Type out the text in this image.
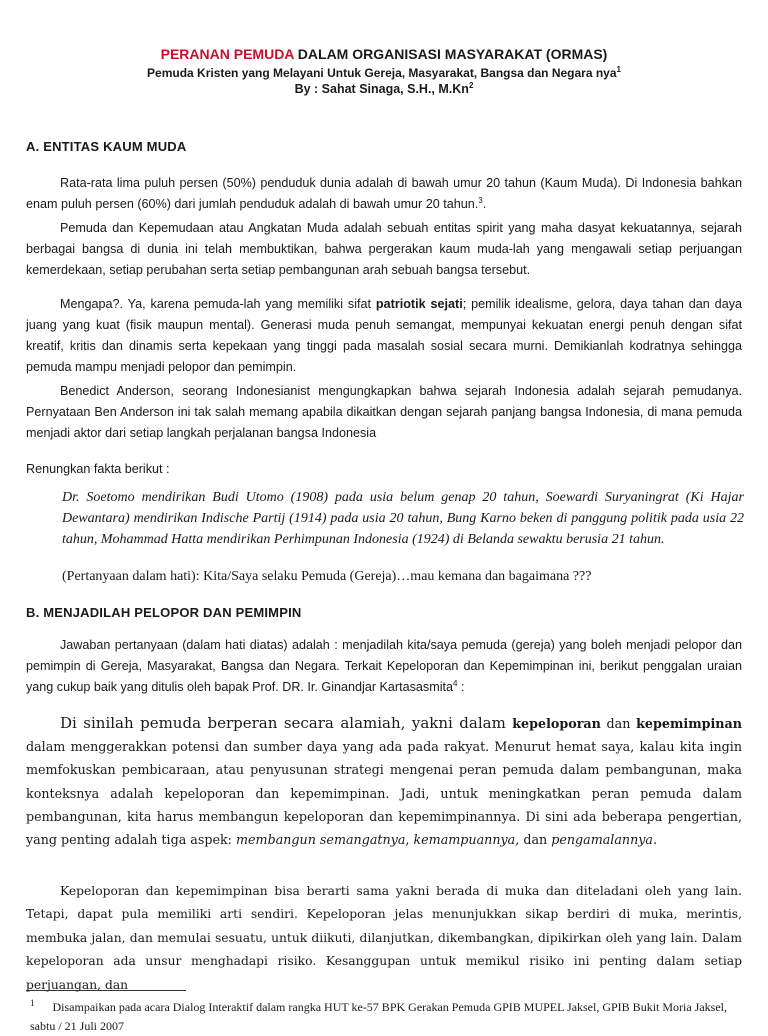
PERANAN PEMUDA DALAM ORGANISASI MASYARAKAT (ORMAS)
Pemuda Kristen yang Melayani Untuk Gereja, Masyarakat, Bangsa dan Negara nya$^1$
By : Sahat Sinaga, S.H., M.Kn$^2$
A. ENTITAS KAUM MUDA

Rata-rata lima puluh persen (50%) penduduk dunia adalah di bawah umur 20 tahun (Kaum Muda). Di Indonesia bahkan enam puluh persen (60%) dari jumlah penduduk adalah di bawah umur 20 tahun.$^3$.

Pemuda dan Kepemudaan atau Angkatan Muda adalah sebuah entitas spirit yang maha dasyat kekuatannya, sejarah berbagai bangsa di dunia ini telah membuktikan, bahwa pergerakan kaum muda-lah yang mengawali setiap perjuangan kemerdekaan, setiap perubahan serta setiap pembangunan arah sebuah bangsa tersebut.

Mengapa?. Ya, karena pemuda-lah yang memiliki sifat patriotik sejati; pemilik idealisme, gelora, daya tahan dan daya juang yang kuat (fisik maupun mental). Generasi muda penuh semangat, mempunyai kekuatan energi penuh dengan sifat kreatif, kritis dan dinamis serta kepekaan yang tinggi pada masalah sosial secara murni. Demikianlah kodratnya sehingga pemuda mampu menjadi pelopor dan pemimpin.

Benedict Anderson, seorang Indonesianist mengungkapkan bahwa sejarah Indonesia adalah sejarah pemudanya. Pernyataan Ben Anderson ini tak salah memang apabila dikaitkan dengan sejarah panjang bangsa Indonesia, di mana pemuda menjadi aktor dari setiap langkah perjalanan bangsa Indonesia

Renungkan fakta berikut :

Dr. Soetomo mendirikan Budi Utomo (1908) pada usia belum genap 20 tahun, Soewardi Suryaningrat (Ki Hajar Dewantara) mendirikan Indische Partij (1914) pada usia 20 tahun, Bung Karno beken di panggung politik pada usia 22 tahun, Mohammad Hatta mendirikan Perhimpunan Indonesia (1924) di Belanda sewaktu berusia 21 tahun.

(Pertanyaan dalam hati): Kita/Saya selaku Pemuda (Gereja)…mau kemana dan bagaimana ???

B. MENJADILAH PELOPOR DAN PEMIMPIN

Jawaban pertanyaan (dalam hati diatas) adalah : menjadilah kita/saya pemuda (gereja) yang boleh menjadi pelopor dan pemimpin di Gereja, Masyarakat, Bangsa dan Negara. Terkait Kepeloporan dan Kepemimpinan ini, berikut penggalan uraian yang cukup baik yang ditulis oleh bapak Prof. DR. Ir. Ginandjar Kartasasmita$^4$ :

Di sinilah pemuda berperan secara alamiah, yakni dalam kepeloporan dan kepemimpinan dalam menggerakkan potensi dan sumber daya yang ada pada rakyat. Menurut hemat saya, kalau kita ingin memfokuskan pembicaraan, atau penyusunan strategi mengenai peran pemuda dalam pembangunan, maka konteksnya adalah kepeloporan dan kepemimpinan. Jadi, untuk meningkatkan peran pemuda dalam pembangunan, kita harus membangun kepeloporan dan kepemimpinannya. Di sini ada beberapa pengertian, yang penting adalah tiga aspek: membangun semangatnya, kemampuannya, dan pengamalannya.

Kepeloporan dan kepemimpinan bisa berarti sama yakni berada di muka dan diteladani oleh yang lain. Tetapi, dapat pula memiliki arti sendiri. Kepeloporan jelas menunjukkan sikap berdiri di muka, merintis, membuka jalan, dan memulai sesuatu, untuk diikuti, dilanjutkan, dikembangkan, dipikirkan oleh yang lain. Dalam kepeloporan ada unsur menghadapi risiko. Kesanggupan untuk memikul risiko ini penting dalam setiap perjuangan, dan

$^1$ Disampaikan pada acara Dialog Interaktif dalam rangka HUT ke-57 BPK Gerakan Pemuda GPIB MUPEL Jaksel, GPIB Bukit Moria Jaksel, sabtu / 21 Juli 2007
